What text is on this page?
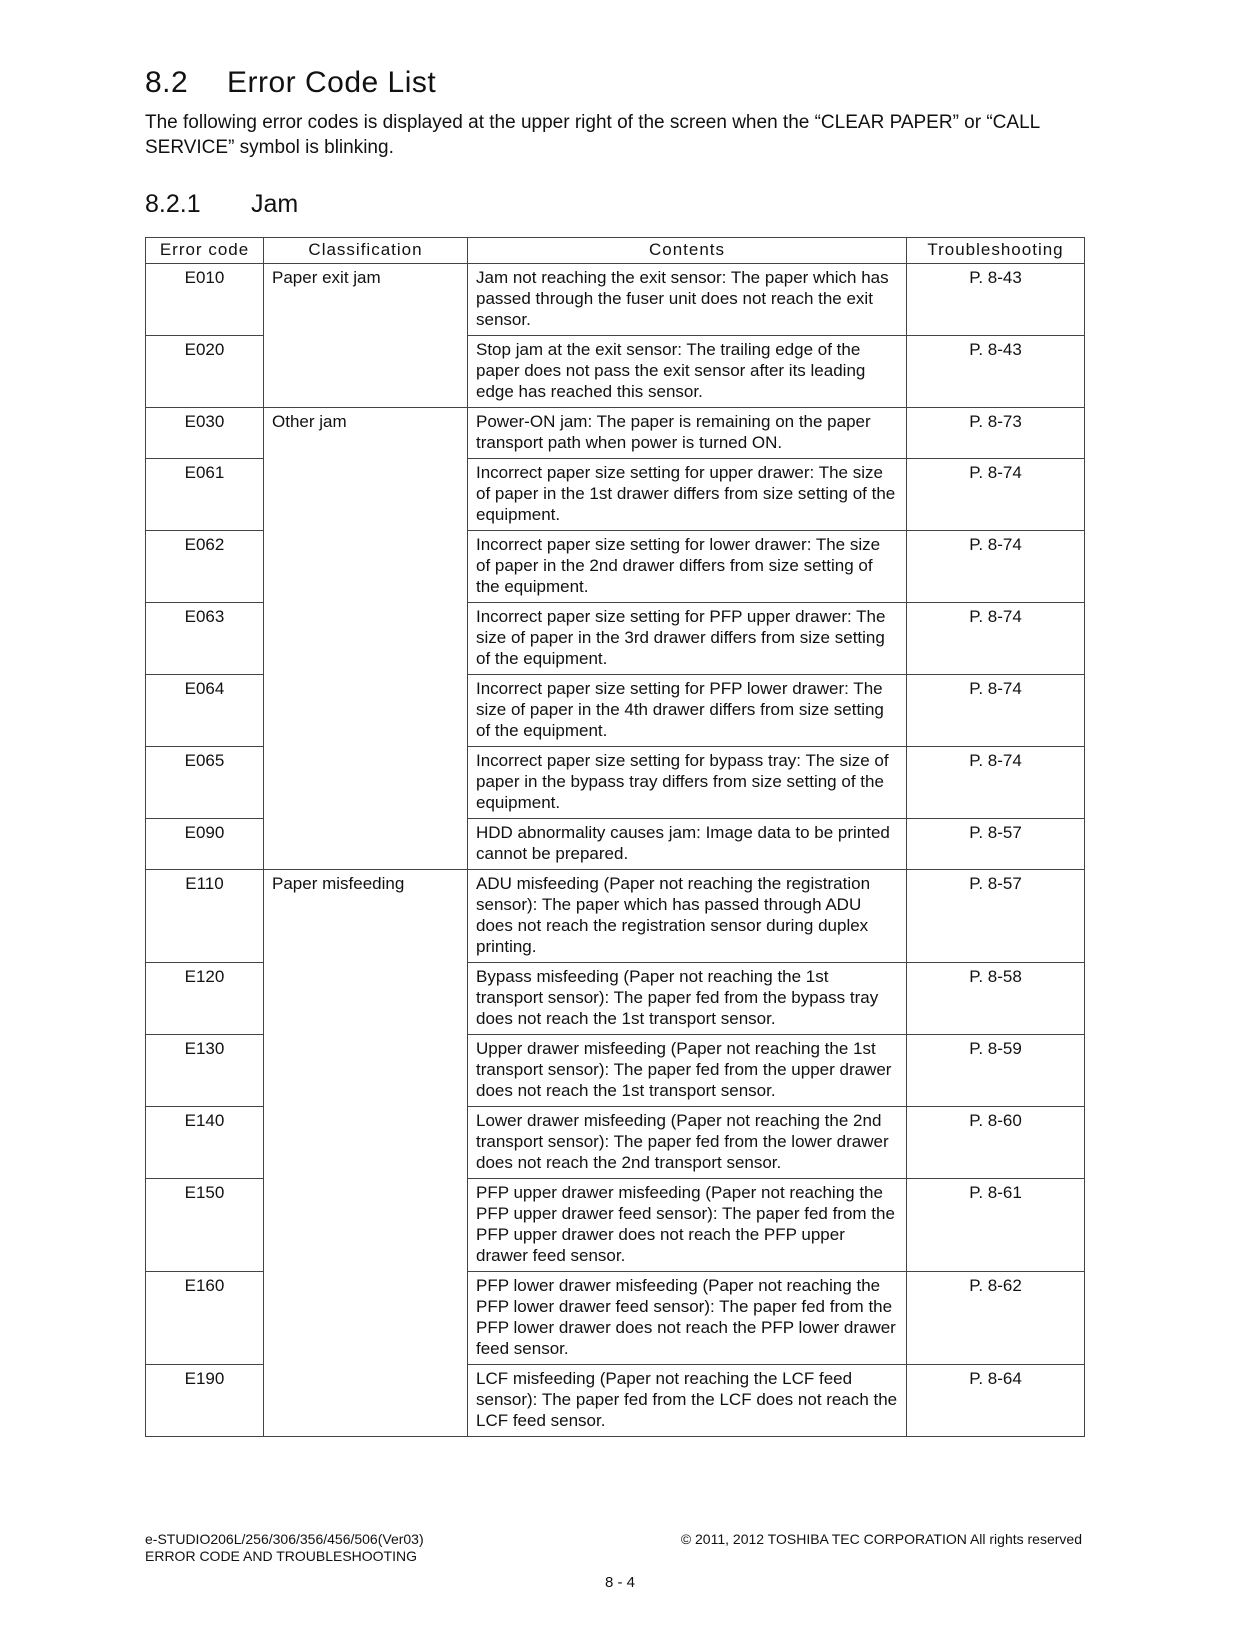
8.2 Error Code List
The following error codes is displayed at the upper right of the screen when the “CLEAR PAPER” or “CALL SERVICE” symbol is blinking.
8.2.1 Jam
Error code	Classification	Contents	Troubleshooting
E010	Paper exit jam	Jam not reaching the exit sensor: The paper which has passed through the fuser unit does not reach the exit sensor.	P. 8-43
E020		Stop jam at the exit sensor: The trailing edge of the paper does not pass the exit sensor after its leading edge has reached this sensor.	P. 8-43
E030	Other jam	Power-ON jam: The paper is remaining on the paper transport path when power is turned ON.	P. 8-73
E061		Incorrect paper size setting for upper drawer: The size of paper in the 1st drawer differs from size setting of the equipment.	P. 8-74
E062		Incorrect paper size setting for lower drawer: The size of paper in the 2nd drawer differs from size setting of the equipment.	P. 8-74
E063		Incorrect paper size setting for PFP upper drawer: The size of paper in the 3rd drawer differs from size setting of the equipment.	P. 8-74
E064		Incorrect paper size setting for PFP lower drawer: The size of paper in the 4th drawer differs from size setting of the equipment.	P. 8-74
E065		Incorrect paper size setting for bypass tray: The size of paper in the bypass tray differs from size setting of the equipment.	P. 8-74
E090		HDD abnormality causes jam: Image data to be printed cannot be prepared.	P. 8-57
E110	Paper misfeeding	ADU misfeeding (Paper not reaching the registration sensor): The paper which has passed through ADU does not reach the registration sensor during duplex printing.	P. 8-57
E120		Bypass misfeeding (Paper not reaching the 1st transport sensor): The paper fed from the bypass tray does not reach the 1st transport sensor.	P. 8-58
E130		Upper drawer misfeeding (Paper not reaching the 1st transport sensor): The paper fed from the upper drawer does not reach the 1st transport sensor.	P. 8-59
E140		Lower drawer misfeeding (Paper not reaching the 2nd transport sensor): The paper fed from the lower drawer does not reach the 2nd transport sensor.	P. 8-60
E150		PFP upper drawer misfeeding (Paper not reaching the PFP upper drawer feed sensor): The paper fed from the PFP upper drawer does not reach the PFP upper drawer feed sensor.	P. 8-61
E160		PFP lower drawer misfeeding (Paper not reaching the PFP lower drawer feed sensor): The paper fed from the PFP lower drawer does not reach the PFP lower drawer feed sensor.	P. 8-62
E190		LCF misfeeding (Paper not reaching the LCF feed sensor): The paper fed from the LCF does not reach the LCF feed sensor.	P. 8-64
e-STUDIO206L/256/306/356/456/506(Ver03)
ERROR CODE AND TROUBLESHOOTING
© 2011, 2012 TOSHIBA TEC CORPORATION All rights reserved
8 - 4
